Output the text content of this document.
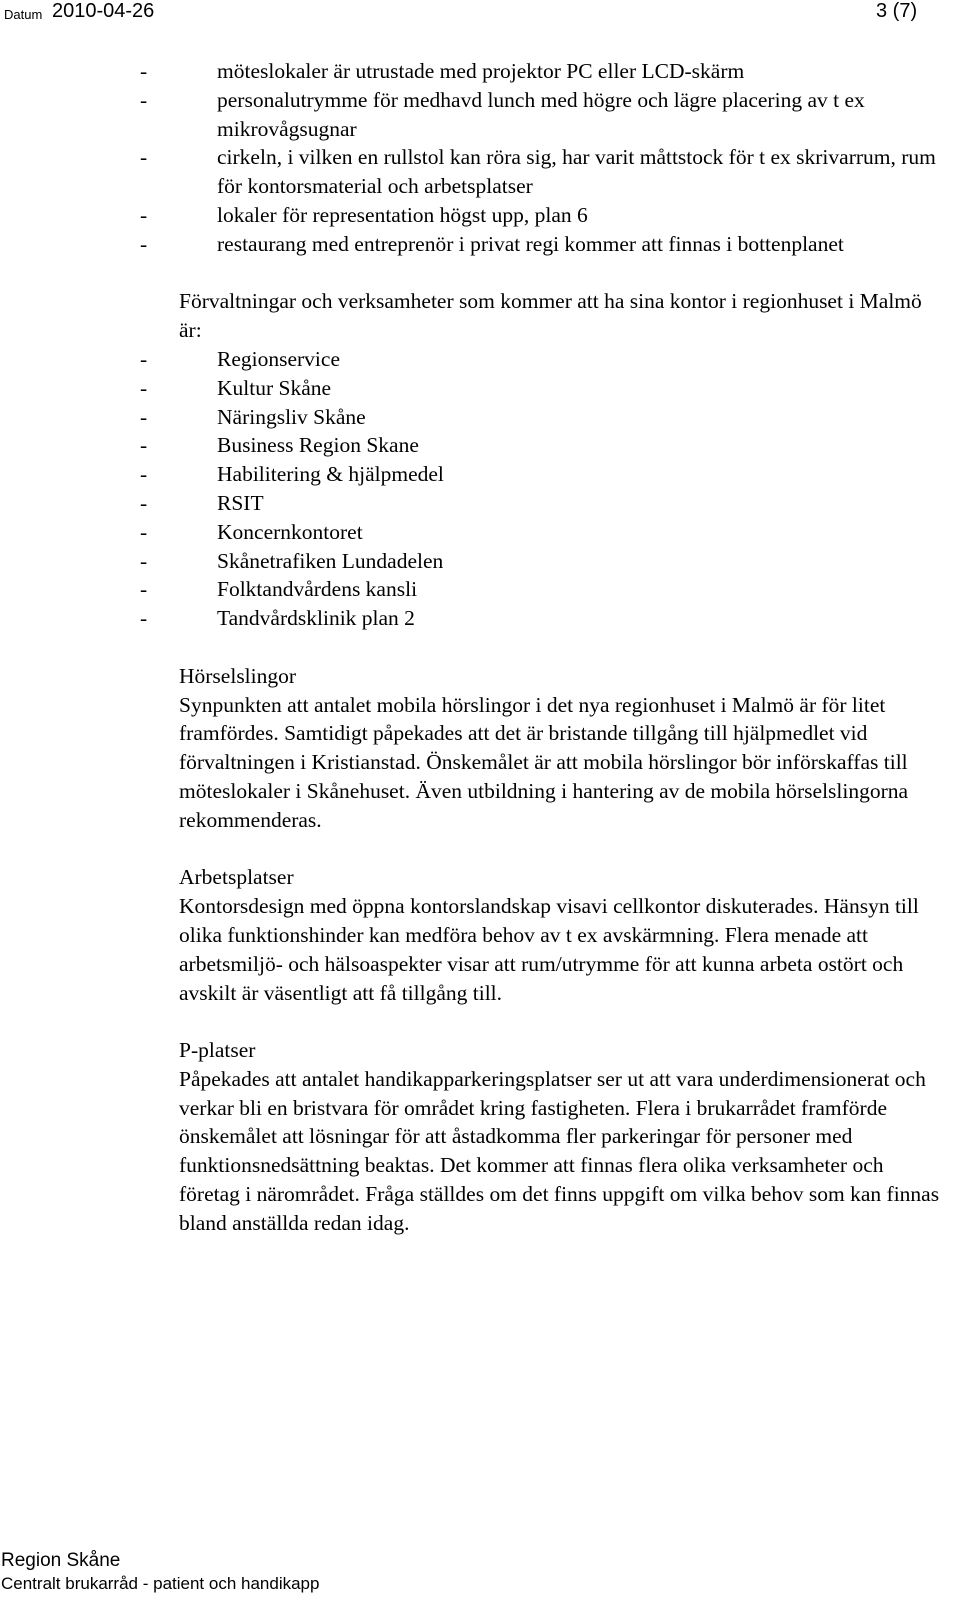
Datum 2010-04-26	3 (7)
-	möteslokaler är utrustade med projektor PC eller LCD-skärm
-	personalutrymme för medhavd lunch med högre och lägre placering av t ex mikrovågsugnar
-	cirkeln, i vilken en rullstol kan röra sig, har varit måttstock för t ex skrivarrum, rum för kontorsmaterial och arbetsplatser
-	lokaler för representation högst upp, plan 6
-	restaurang med entreprenör i privat regi kommer att finnas i bottenplanet

Förvaltningar och verksamheter som kommer att ha sina kontor i regionhuset i Malmö är:

-	Regionservice
-	Kultur Skåne
-	Näringsliv Skåne
-	Business Region Skane
-	Habilitering & hjälpmedel
-	RSIT
-	Koncernkontoret
-	Skånetrafiken Lundadelen
-	Folktandvårdens kansli
-	Tandvårdsklinik plan 2

Hörselslingor

Synpunkten att antalet mobila hörslingor i det nya regionhuset i Malmö är för litet framfördes. Samtidigt påpekades att det är bristande tillgång till hjälpmedlet vid förvaltningen i Kristianstad. Önskemålet är att mobila hörslingor bör införskaffas till möteslokaler i Skånehuset. Även utbildning i hantering av de mobila hörselslingorna rekommenderas.

Arbetsplatser

Kontorsdesign med öppna kontorslandskap visavi cellkontor diskuterades. Hänsyn till olika funktionshinder kan medföra behov av t ex avskärmning. Flera menade att arbetsmiljö- och hälsoaspekter visar att rum/utrymme för att kunna arbeta ostört och avskilt är väsentligt att få tillgång till.

P-platser

Påpekades att antalet handikapparkeringsplatser ser ut att vara underdimensionerat och verkar bli en bristvara för området kring fastigheten. Flera i brukarrådet framförde önskemålet att lösningar för att åstadkomma fler parkeringar för personer med funktionsnedsättning beaktas. Det kommer att finnas flera olika verksamheter och företag i närområdet. Fråga ställdes om det finns uppgift om vilka behov som kan finnas bland anställda redan idag.

Region Skåne
Centralt brukarråd - patient och handikapp
